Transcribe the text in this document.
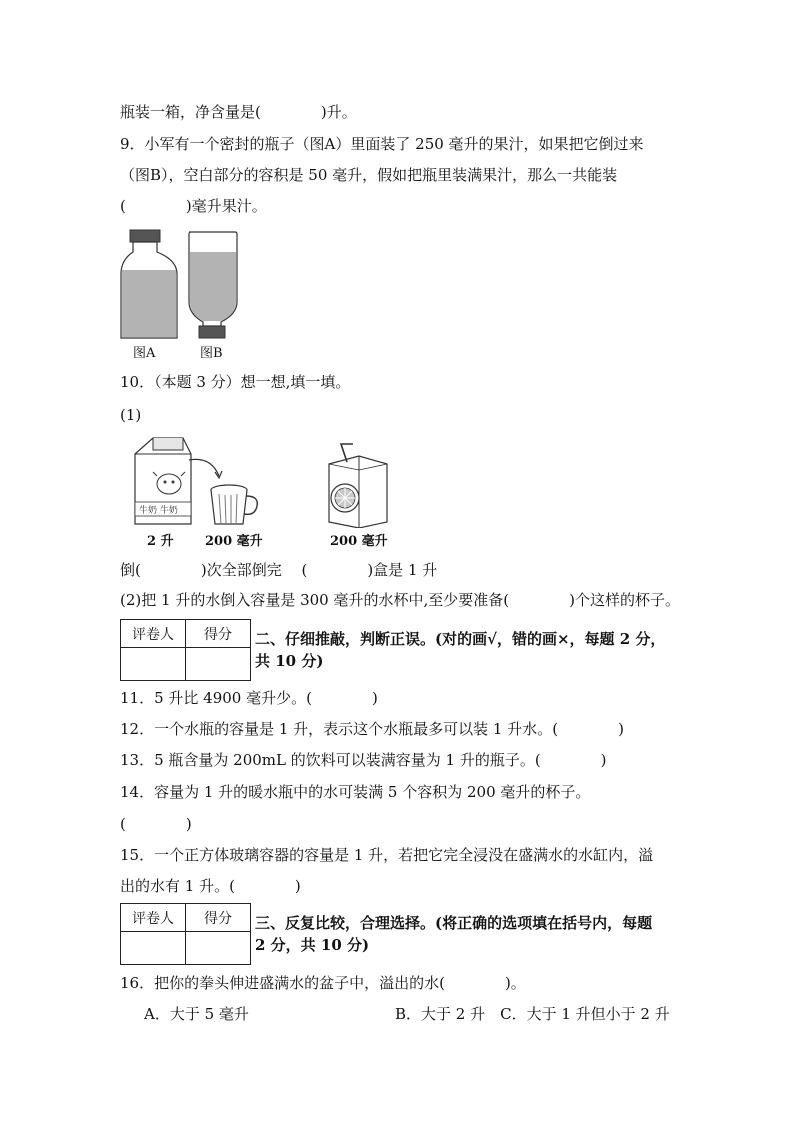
瓶装一箱，净含量是(　　　　)升。
9．小军有一个密封的瓶子（图A）里面装了 250 毫升的果汁，如果把它倒过来
（图B），空白部分的容积是 50 毫升，假如把瓶里装满果汁，那么一共能装
(　　　　)毫升果汁。
图A	图B
10．（本题 3 分）想一想,填一填。
(1)
牛奶 牛奶
2 升 200 毫升	200 毫升
倒(　　　　)次全部倒完　 (　　　　)盒是 1 升
(2)把 1 升的水倒入容量是 300 毫升的水杯中,至少要准备(　　　　)个这样的杯子。
评卷人	得分
	二、仔细推敲，判断正误。(对的画√，错的画×，每题 2 分，
共 10 分)
11．5 升比 4900 毫升少。(　　　　)
12．一个水瓶的容量是 1 升，表示这个水瓶最多可以装 1 升水。(　　　　)
13．5 瓶含量为 200mL 的饮料可以装满容量为 1 升的瓶子。(　　　　)
14．容量为 1 升的暖水瓶中的水可装满 5 个容积为 200 毫升的杯子。
(　　　　)
15．一个正方体玻璃容器的容量是 1 升，若把它完全浸没在盛满水的水缸内，溢
出的水有 1 升。(　　　　)
评卷人	得分
	三、反复比较，合理选择。(将正确的选项填在括号内，每题
2 分，共 10 分)
16．把你的拳头伸进盛满水的盆子中，溢出的水(　　　　)。
A．大于 5 毫升	B．大于 2 升　C．大于 1 升但小于 2 升
